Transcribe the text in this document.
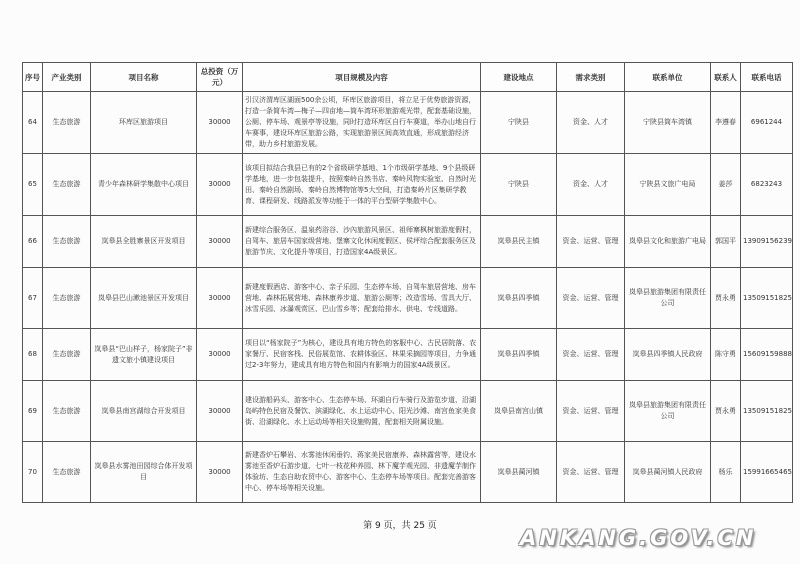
序号	产业类别	项目名称	总投资（万元）	项目规模及内容	建设地点	需求类别	联系单位	联系人	联系电话
64	生态旅游	环库区旅游项目	30000	引汉济渭库区湖面500余公顷，环库区旅游项目，将立足于优势旅游资源，打造一条简车湾—梅子—四亩地—筒车湾环形旅游观光带，配套基础设施，公厕、停车场、观景亭等设施，同时打造环库区自行车赛道，举办山地自行车赛事，建设环库区旅游公路，实现旅游景区间高效直通，形成旅游经济带，助力乡村旅游发展。	宁陕县	资金、人才	宁陕县筒车湾镇	李遵春	6961244
65	生态旅游	青少年森林研学集散中心项目	30000	该项目拟结合我县已有的2个省级研学基地、1个市级研学基地、9个县级研学基地，进一步包装提升，按照秦岭自然书店、秦岭风物实验室、自然时光田、秦岭自然剧场、秦岭自然博物馆等5大空间，打造秦岭片区集研学教育、课程研发、线路派发等功能于一体的平台型研学集散中心。	宁陕县	资金、人才	宁陕县文旅广电局	姜莎	6823243
66	生态旅游	岚皋县全胜寨景区开发项目	30000	新建综合服务区、温泉药浴谷、沙內旅游风景区、祖师寨枫树旅游度假村，自驾车、旅居车国家级营地、堡寨文化休闲度假区、侯坪综合配套服务区及旅游节庆、文化提升等项目，打造国家4A级景区。	岚皋县民主镇	资金、运营、管理	岚皋县文化和旅游广电局	郭国平	13909156239
67	生态旅游	岚皋县巴山漱池景区开发项目	30000	新建度假酒店、游客中心、亲子乐园、生态停车场、自驾车旅居营地、房车营地、森林拓展营地、森林康养步道、旅游公厕等；改造雪场、雪具大厅、冰雪乐园、冰瀑观赏区、巴山雪乡等；配套给排水、供电、专线道路。	岚皋县四季镇	资金、运营、管理	岚皋县旅游集团有限责任公司	贾永勇	13509151825
68	生态旅游	岚皋县“巴山样子，杨家院子”非遗文旅小镇建设项目	30000	项目以“杨家院子”为核心，建设具有地方特色的客服中心、古民居院落、农家餐厅、民宿客栈、民俗展览馆、农耕体验区、林果采摘园等项目，力争通过2-3年努力，建成具有地方特色和国内有影响力的国家4A级景区。	岚皋县四季镇	资金、运营、管理	岚皋县四季镇人民政府	陈守勇	15609159888
69	生态旅游	岚皋县南宫湖综合开发项目	30000	建设游船码头、游客中心、生态停车场、环湖自行车骑行及游览步道、沿湖岛屿特色民宿及餐饮、滨湖绿化、水上运动中心、阳光沙滩、南宫鱼家美食街、沿湖绿化、水上运动场等相关设施购置，配套相关附属设施。	岚皋县南宫山镇	资金、运营、管理	岚皋县旅游集团有限责任公司	贾永勇	13509151825
70	生态旅游	岚皋县水雾池田园综合体开发项目	30000	新建香炉石攀岩、水雾池休闲垂钓、蒋家美民宿康养、森林露营等，建设水雾池至香炉石游步道、七叶一枝花种养园、林下魔芋观光园、非遗魔芋制作体验坊、生态自助农贸中心、游客中心、生态停车场等项目。配套完善游客中心、停车场等相关设施。	岚皋县蔺河镇	资金、运营、管理	岚皋县蔺河镇人民政府	杨乐	15991665465
第 9 页，共 25 页	ANKANG.GOV.CN
